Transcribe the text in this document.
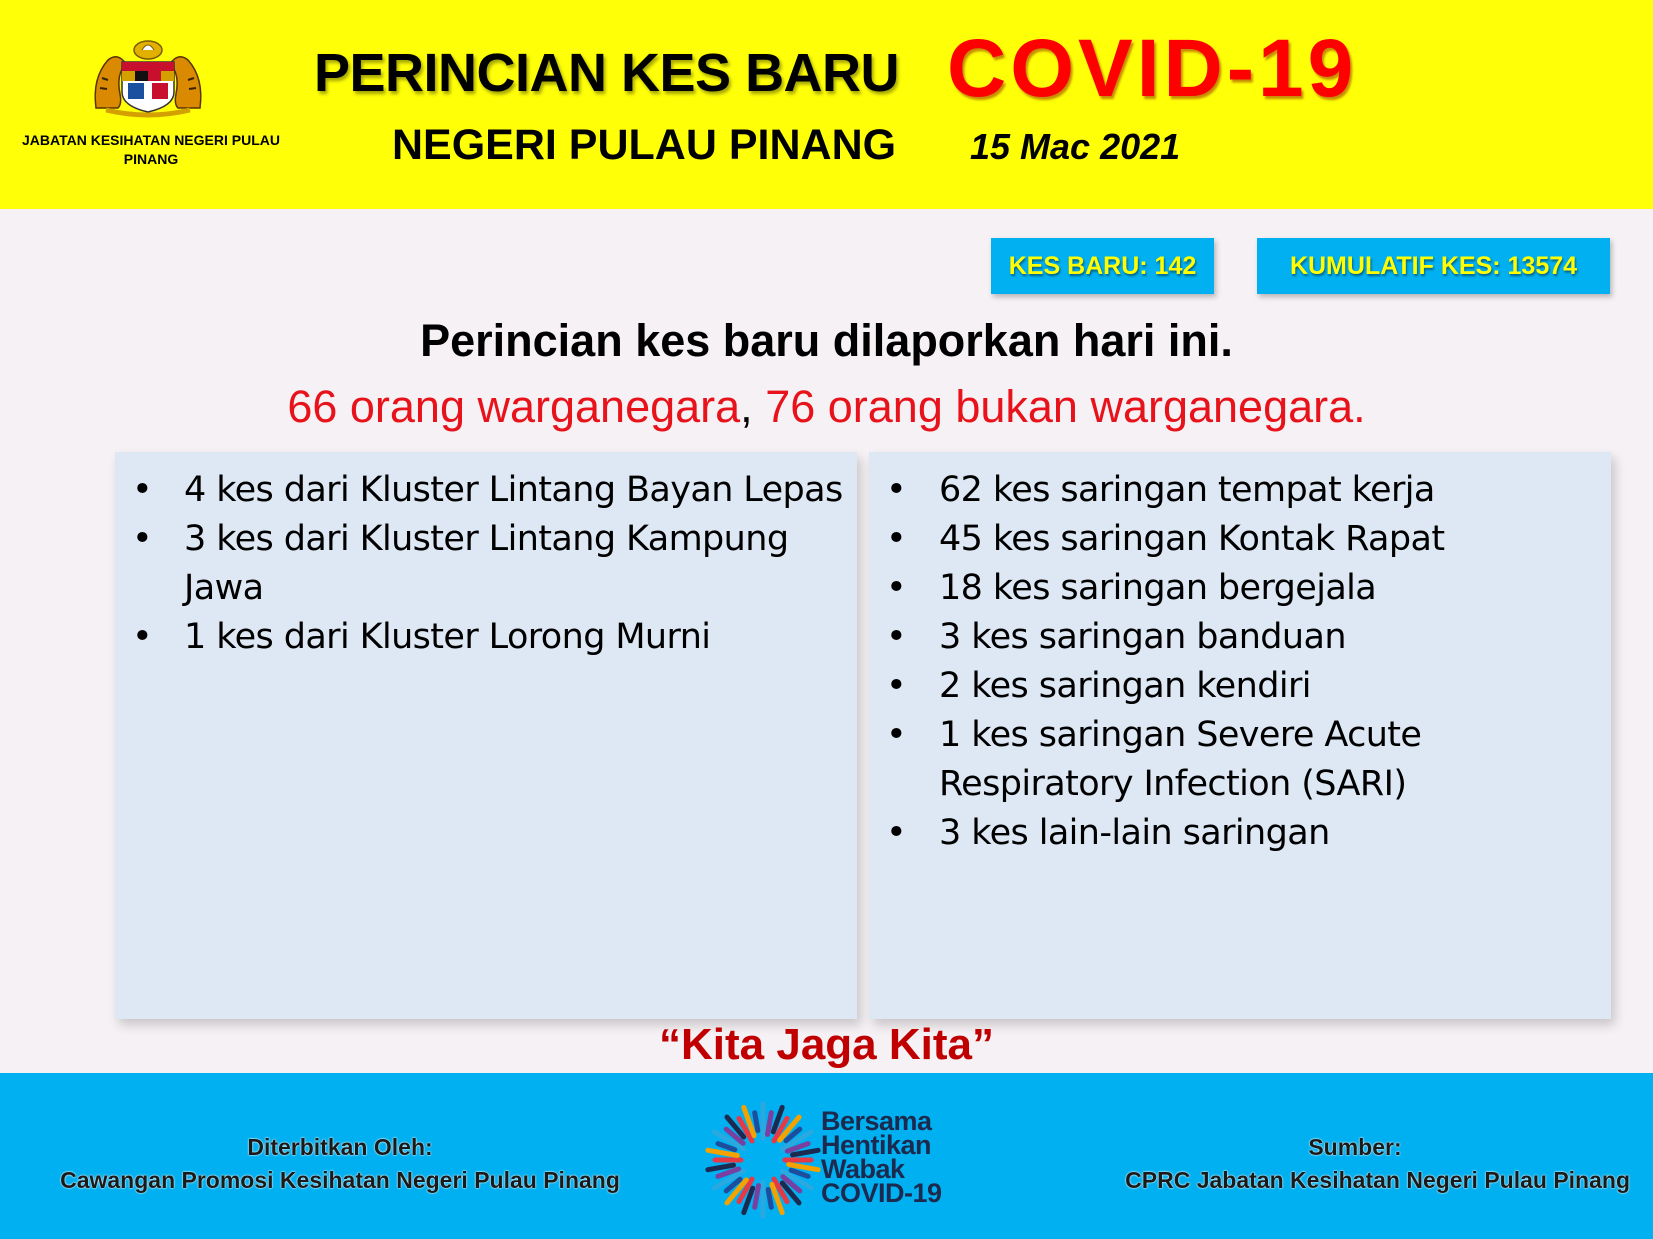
JABATAN KESIHATAN NEGERI PULAU PINANG
PERINCIAN KES BARU COVID-19
NEGERI PULAU PINANG 15 Mac 2021
KES BARU: 142	KUMULATIF KES: 13574
Perincian kes baru dilaporkan hari ini.
66 orang warganegara, 76 orang bukan warganegara.
• 4 kes dari Kluster Lintang Bayan Lepas
• 3 kes dari Kluster Lintang Kampung Jawa
• 1 kes dari Kluster Lorong Murni
• 62 kes saringan tempat kerja
• 45 kes saringan Kontak Rapat
• 18 kes saringan bergejala
• 3 kes saringan banduan
• 2 kes saringan kendiri
• 1 kes saringan Severe Acute Respiratory Infection (SARI)
• 3 kes lain-lain saringan
“Kita Jaga Kita”
Diterbitkan Oleh:
Cawangan Promosi Kesihatan Negeri Pulau Pinang
Bersama
Hentikan
Wabak
COVID-19
Sumber:
CPRC Jabatan Kesihatan Negeri Pulau Pinang
